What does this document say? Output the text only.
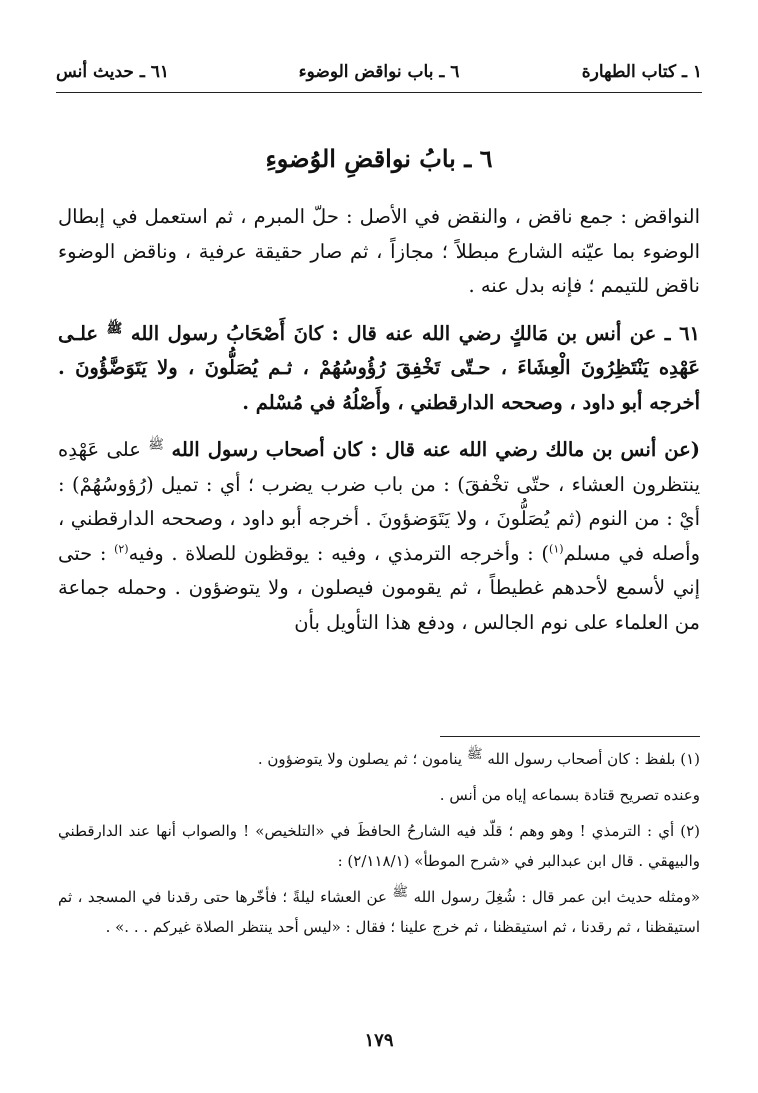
١ ـ كتاب الطهارة
٦ ـ باب نواقض الوضوء
٦١ ـ حديث أنس
٦ ـ بابُ نواقضِ الوُضوءِ

النواقض : جمع ناقض ، والنقض في الأصل : حلّ المبرم ، ثم استعمل في إبطال الوضوء بما عيّنه الشارع مبطلاً ؛ مجازاً ، ثم صار حقيقة عرفية ، وناقض الوضوء ناقض للتيمم ؛ فإنه بدل عنه .

٦١ ـ عن أنس بن مَالكٍ رضي الله عنه قال : كانَ أَصْحَابُ رسول الله $^ﷺ$ علـى عَهْدِه يَنْتَظِرُونَ الْعِشَاءَ ، حـتّى تَخْفِقَ رُؤُوسُهُمْ ، ثـم يُصَلُّونَ ، ولا يَتَوَضَّؤُونَ . أخرجه أبو داود ، وصححه الدارقطني ، وأَصْلُهُ في مُسْلم .

(عن أنس بن مالك رضي الله عنه قال : كان أصحاب رسول الله $^ﷺ$ على عَهْدِه ينتظرون العشاء ، حتّى تخْفقَ) : من باب ضرب يضرب ؛ أي : تميل (رُؤوسُهُمْ) : أيْ : من النوم (ثم يُصَلُّونَ ، ولا يَتَوَضؤونَ . أخرجه أبو داود ، وصححه الدارقطني ، وأصله في مسلم$^{(١)}$) : وأخرجه الترمذي ، وفيه : يوقظون للصلاة . وفيه$^{(٢)}$ : حتى إني لأسمع لأحدهم غطيطاً ، ثم يقومون فيصلون ، ولا يتوضؤون . وحمله جماعة من العلماء على نوم الجالس ، ودفع هذا التأويل بأن

(١) بلفظ : كان أصحاب رسول الله ﷺ ينامون ؛ ثم يصلون ولا يتوضؤون .

وعنده تصريح قتادة بسماعه إياه من أنس .

(٢) أي : الترمذي ! وهو وهم ؛ قلّد فيه الشارحُ الحافظَ في «التلخيص» ! والصواب أنها عند الدارقطني والبيهقي . قال ابن عبدالبر في «شرح الموطأ» (٢/١١٨/١) :

«ومثله حديث ابن عمر قال : شُغِلَ رسول الله ﷺ عن العشاء ليلةً ؛ فأخّرها حتى رقدنا في المسجد ، ثم استيقظنا ، ثم رقدنا ، ثم استيقظنا ، ثم خرج علينا ؛ فقال : «ليس أحد ينتظر الصلاة غيركم . . .» .

١٧٩
